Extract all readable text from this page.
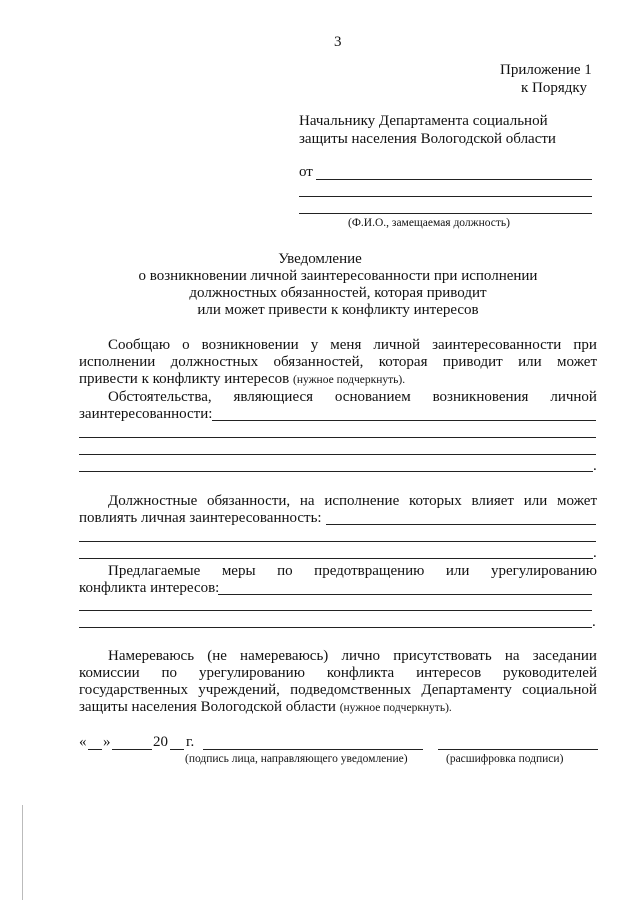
3
Приложение 1
к Порядку
Начальнику Департамента социальной
защиты населения Вологодской области
от
(Ф.И.О., замещаемая должность)
Уведомление
о возникновении личной заинтересованности при исполнении
должностных обязанностей, которая приводит
или может привести к конфликту интересов
Сообщаю о возникновении у меня личной заинтересованности при
исполнении должностных обязанностей, которая приводит или может
привести к конфликту интересов (нужное подчеркнуть).
Обстоятельства, являющиеся основанием возникновения личной
заинтересованности:
.
Должностные обязанности, на исполнение которых влияет или может
повлиять личная заинтересованность:
.
Предлагаемые меры по предотвращению или урегулированию
конфликта интересов:
.
Намереваюсь (не намереваюсь) лично присутствовать на заседании
комиссии по урегулированию конфликта интересов руководителей
государственных учреждений, подведомственных Департаменту социальной
защиты населения Вологодской области (нужное подчеркнуть).
« »	20 г.
(подпись лица, направляющего уведомление)	(расшифровка подписи)
